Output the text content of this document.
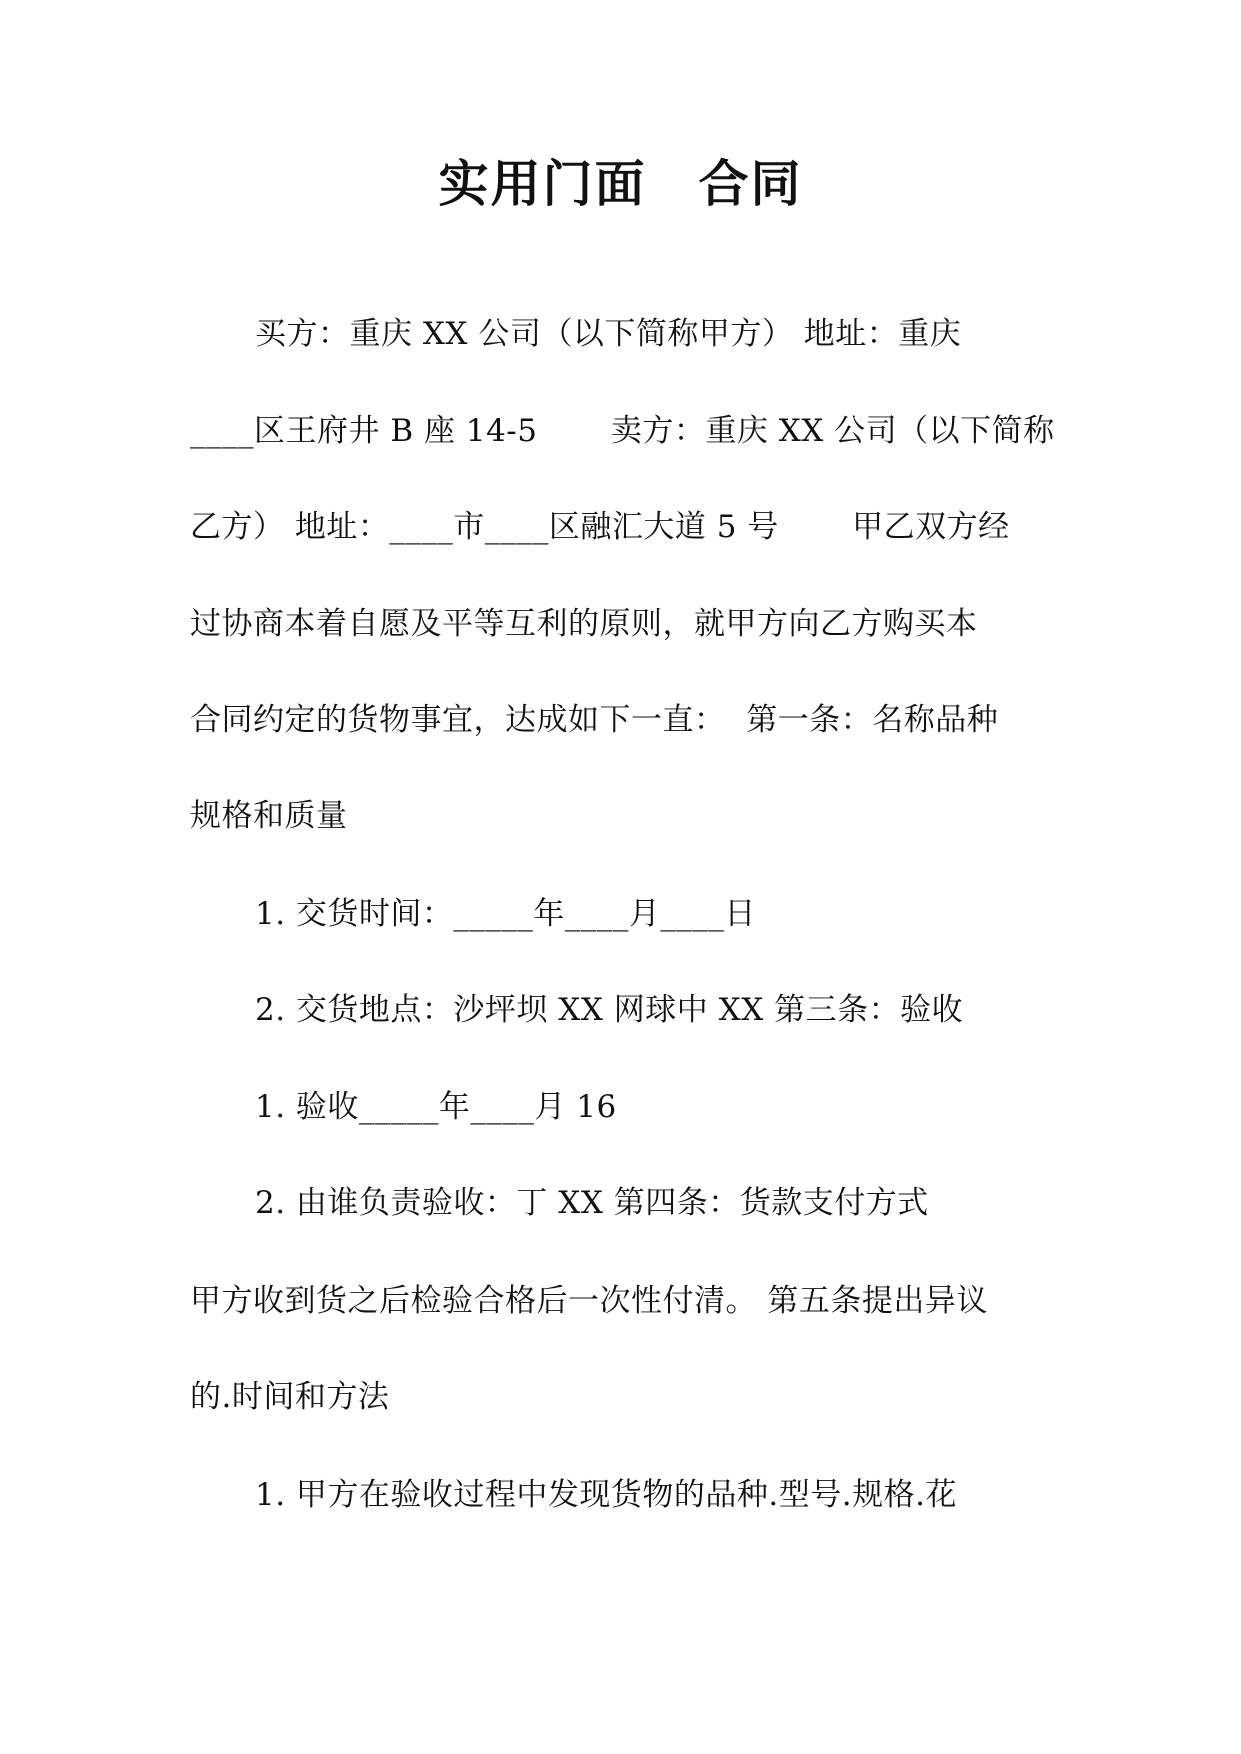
实用门面　合同
买方：重庆 XX 公司（以下简称甲方） 地址：重庆
____区王府井 B 座 14-5　　 卖方：重庆 XX 公司（以下简称
乙方） 地址：____市____区融汇大道 5 号　　 甲乙双方经
过协商本着自愿及平等互利的原则，就甲方向乙方购买本
合同约定的货物事宜，达成如下一直：  第一条：名称品种
规格和质量
1. 交货时间：_____年____月____日
2. 交货地点：沙坪坝 XX 网球中 XX 第三条：验收
1. 验收_____年____月 16
2. 由谁负责验收：丁 XX 第四条：货款支付方式
甲方收到货之后检验合格后一次性付清。 第五条提出异议
的.时间和方法
1. 甲方在验收过程中发现货物的品种.型号.规格.花
